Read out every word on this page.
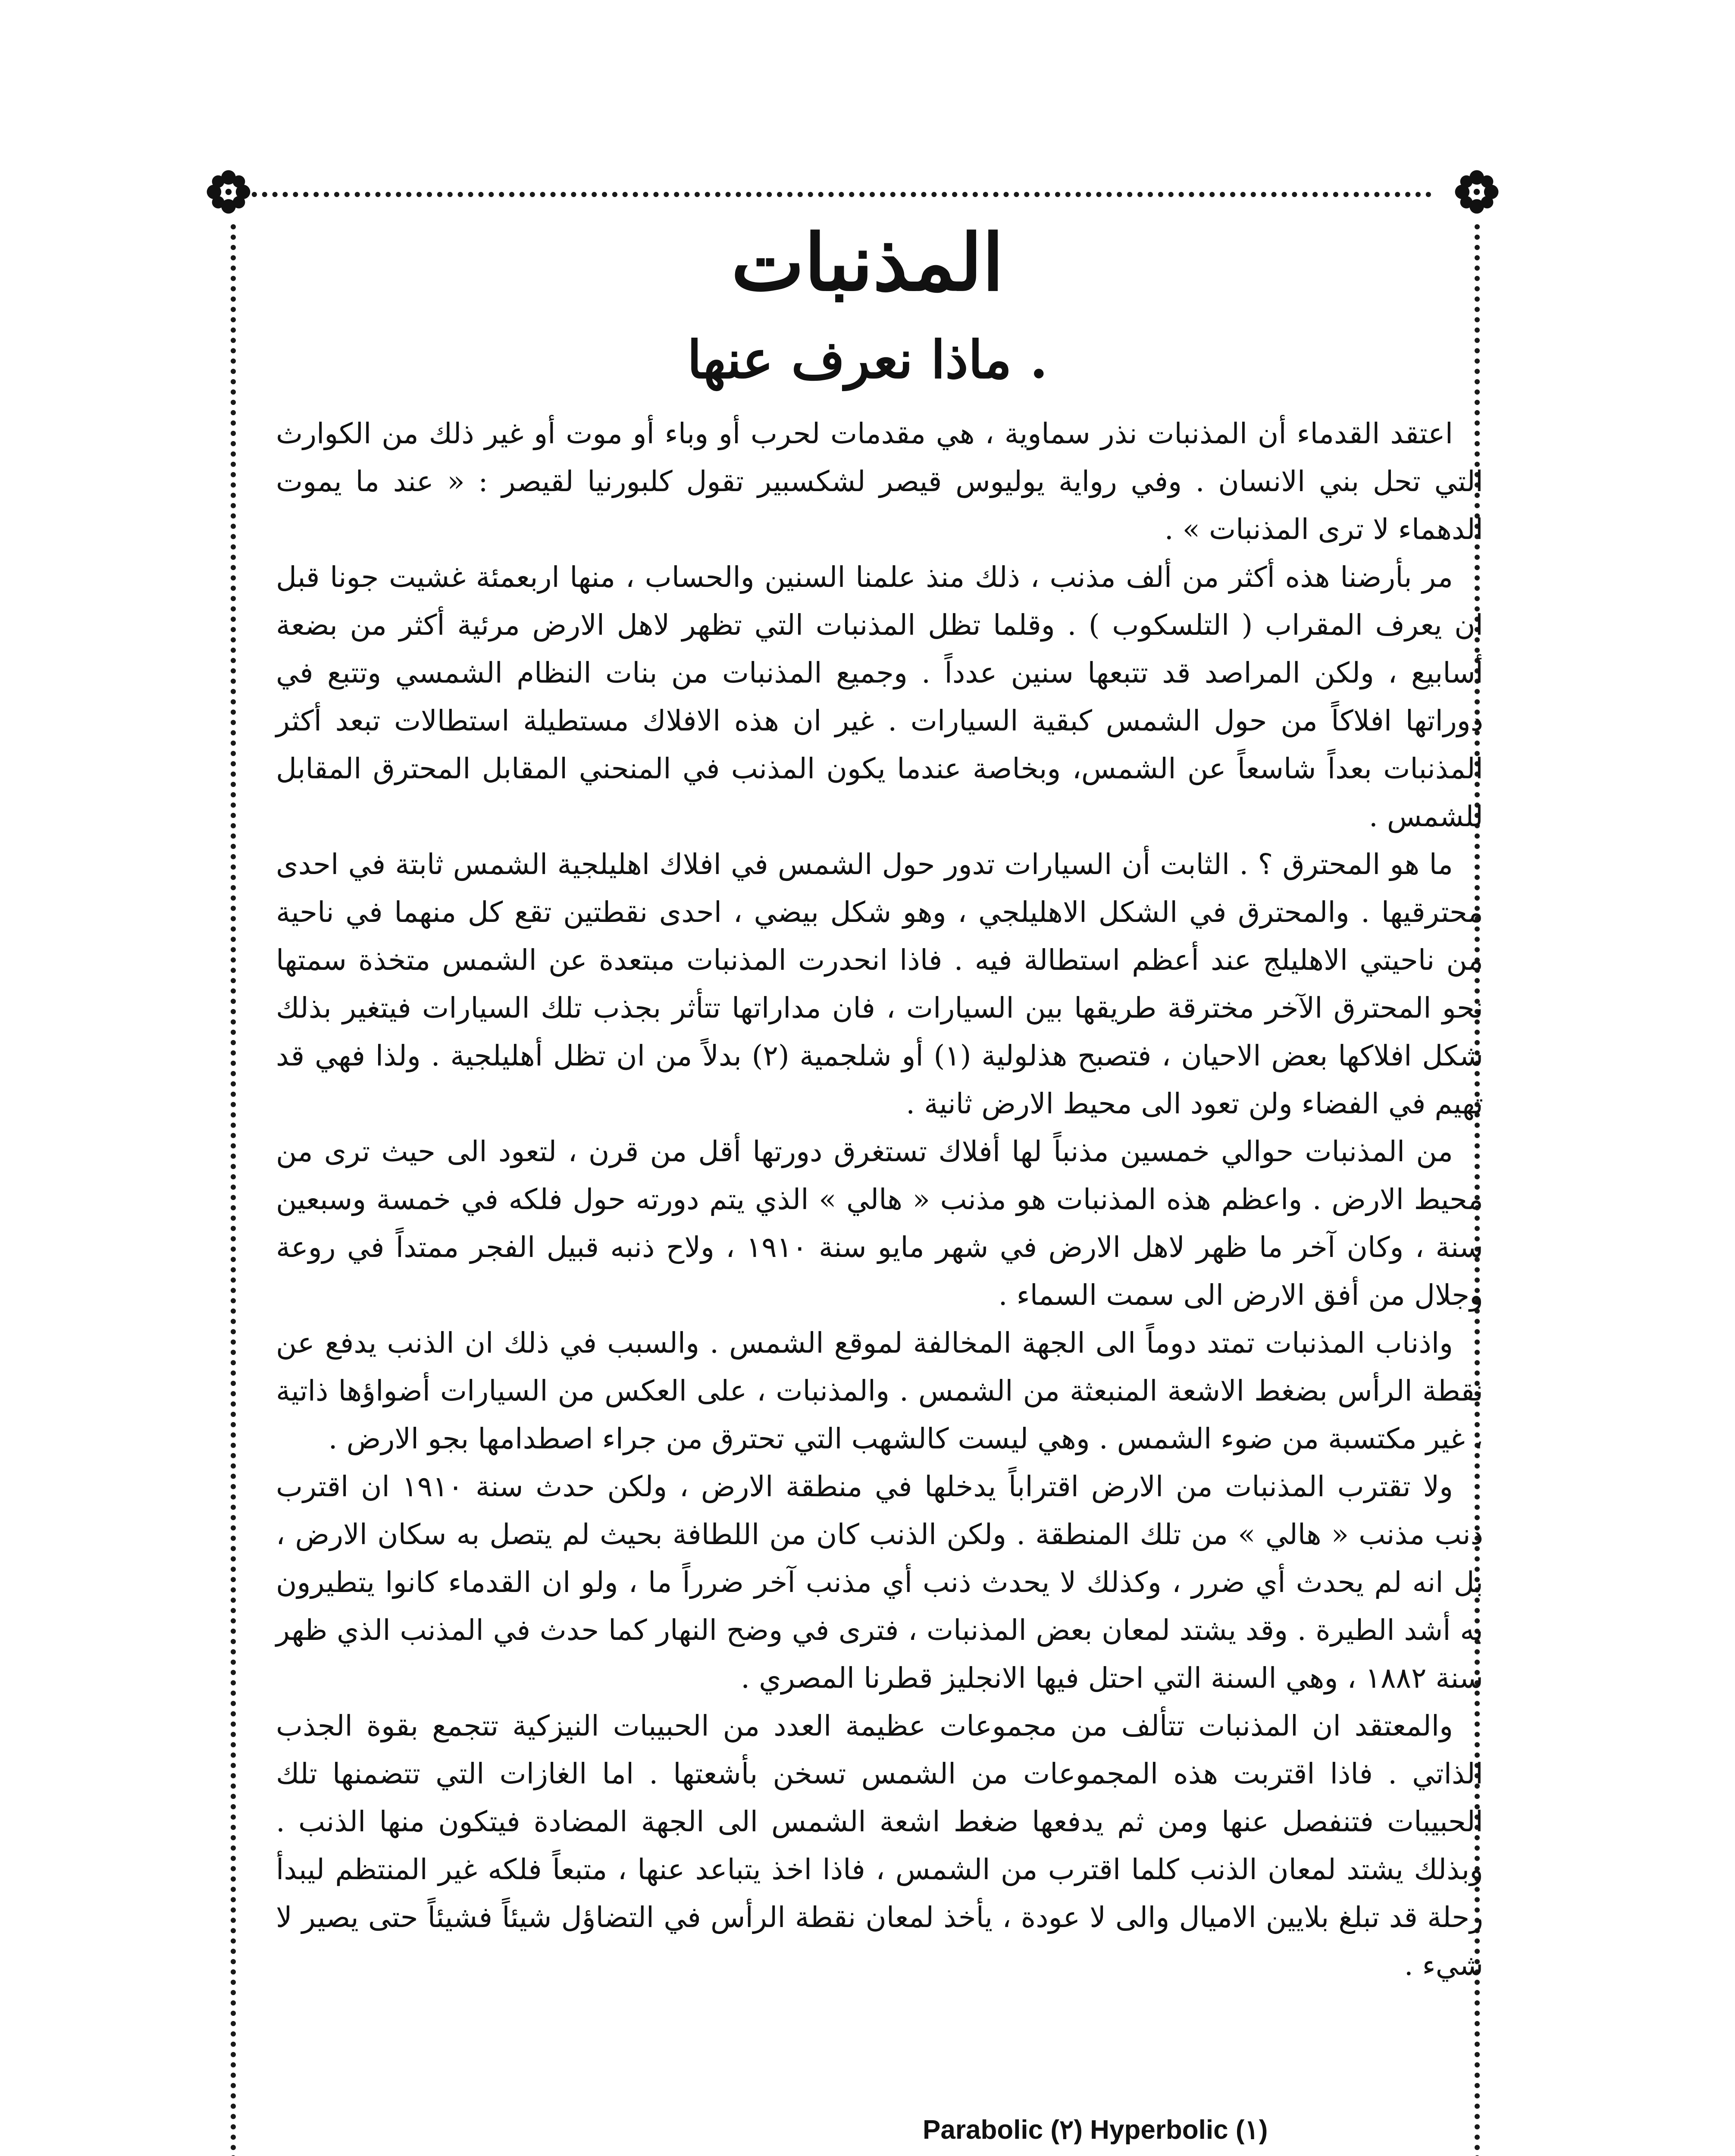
المذنبات
ماذا نعرف عنها .

اعتقد القدماء أن المذنبات نذر سماوية ، هي مقدمات لحرب أو وباء أو موت أو غير ذلك من الكوارث التي تحل بني الانسان . وفي رواية يوليوس قيصر لشكسبير تقول كلبورنيا لقيصر : « عند ما يموت الدهماء لا ترى المذنبات » .

مر بأرضنا هذه أكثر من ألف مذنب ، ذلك منذ علمنا السنين والحساب ، منها اربعمئة غشيت جونا قبل ان يعرف المقراب ( التلسكوب ) . وقلما تظل المذنبات التي تظهر لاهل الارض مرئية أكثر من بضعة أسابيع ، ولكن المراصد قد تتبعها سنين عدداً . وجميع المذنبات من بنات النظام الشمسي وتتبع في دوراتها افلاكاً من حول الشمس كبقية السيارات . غير ان هذه الافلاك مستطيلة استطالات تبعد أكثر المذنبات بعداً شاسعاً عن الشمس، وبخاصة عندما يكون المذنب في المنحني المقابل المحترق المقابل للشمس .

ما هو المحترق ؟ . الثابت أن السيارات تدور حول الشمس في افلاك اهليلجية الشمس ثابتة في احدى محترقيها . والمحترق في الشكل الاهليلجي ، وهو شكل بيضي ، احدى نقطتين تقع كل منهما في ناحية من ناحيتي الاهليلج عند أعظم استطالة فيه . فاذا انحدرت المذنبات مبتعدة عن الشمس متخذة سمتها نحو المحترق الآخر مخترقة طريقها بين السيارات ، فان مداراتها تتأثر بجذب تلك السيارات فيتغير بذلك شكل افلاكها بعض الاحيان ، فتصبح هذلولية (١) أو شلجمية (٢) بدلاً من ان تظل أهليلجية . ولذا فهي قد تهيم في الفضاء ولن تعود الى محيط الارض ثانية .

من المذنبات حوالي خمسين مذنباً لها أفلاك تستغرق دورتها أقل من قرن ، لتعود الى حيث ترى من محيط الارض . واعظم هذه المذنبات هو مذنب « هالي » الذي يتم دورته حول فلكه في خمسة وسبعين سنة ، وكان آخر ما ظهر لاهل الارض في شهر مايو سنة ١٩١٠ ، ولاح ذنبه قبيل الفجر ممتداً في روعة وجلال من أفق الارض الى سمت السماء .

واذناب المذنبات تمتد دوماً الى الجهة المخالفة لموقع الشمس . والسبب في ذلك ان الذنب يدفع عن نقطة الرأس بضغط الاشعة المنبعثة من الشمس . والمذنبات ، على العكس من السيارات أضواؤها ذاتية ، غير مكتسبة من ضوء الشمس . وهي ليست كالشهب التي تحترق من جراء اصطدامها بجو الارض .

ولا تقترب المذنبات من الارض اقتراباً يدخلها في منطقة الارض ، ولكن حدث سنة ١٩١٠ ان اقترب ذنب مذنب « هالي » من تلك المنطقة . ولكن الذنب كان من اللطافة بحيث لم يتصل به سكان الارض ، بل انه لم يحدث أي ضرر ، وكذلك لا يحدث ذنب أي مذنب آخر ضرراً ما ، ولو ان القدماء كانوا يتطيرون به أشد الطيرة . وقد يشتد لمعان بعض المذنبات ، فترى في وضح النهار كما حدث في المذنب الذي ظهر سنة ١٨٨٢ ، وهي السنة التي احتل فيها الانجليز قطرنا المصري .

والمعتقد ان المذنبات تتألف من مجموعات عظيمة العدد من الحبيبات النيزكية تتجمع بقوة الجذب الذاتي . فاذا اقتربت هذه المجموعات من الشمس تسخن بأشعتها . اما الغازات التي تتضمنها تلك الحبيبات فتنفصل عنها ومن ثم يدفعها ضغط اشعة الشمس الى الجهة المضادة فيتكون منها الذنب . وبذلك يشتد لمعان الذنب كلما اقترب من الشمس ، فاذا اخذ يتباعد عنها ، متبعاً فلكه غير المنتظم ليبدأ رحلة قد تبلغ بلايين الاميال والى لا عودة ، يأخذ لمعان نقطة الرأس في التضاؤل شيئاً فشيئاً حتى يصير لا شيء .

Parabolic (٢) Hyperbolic (١)
